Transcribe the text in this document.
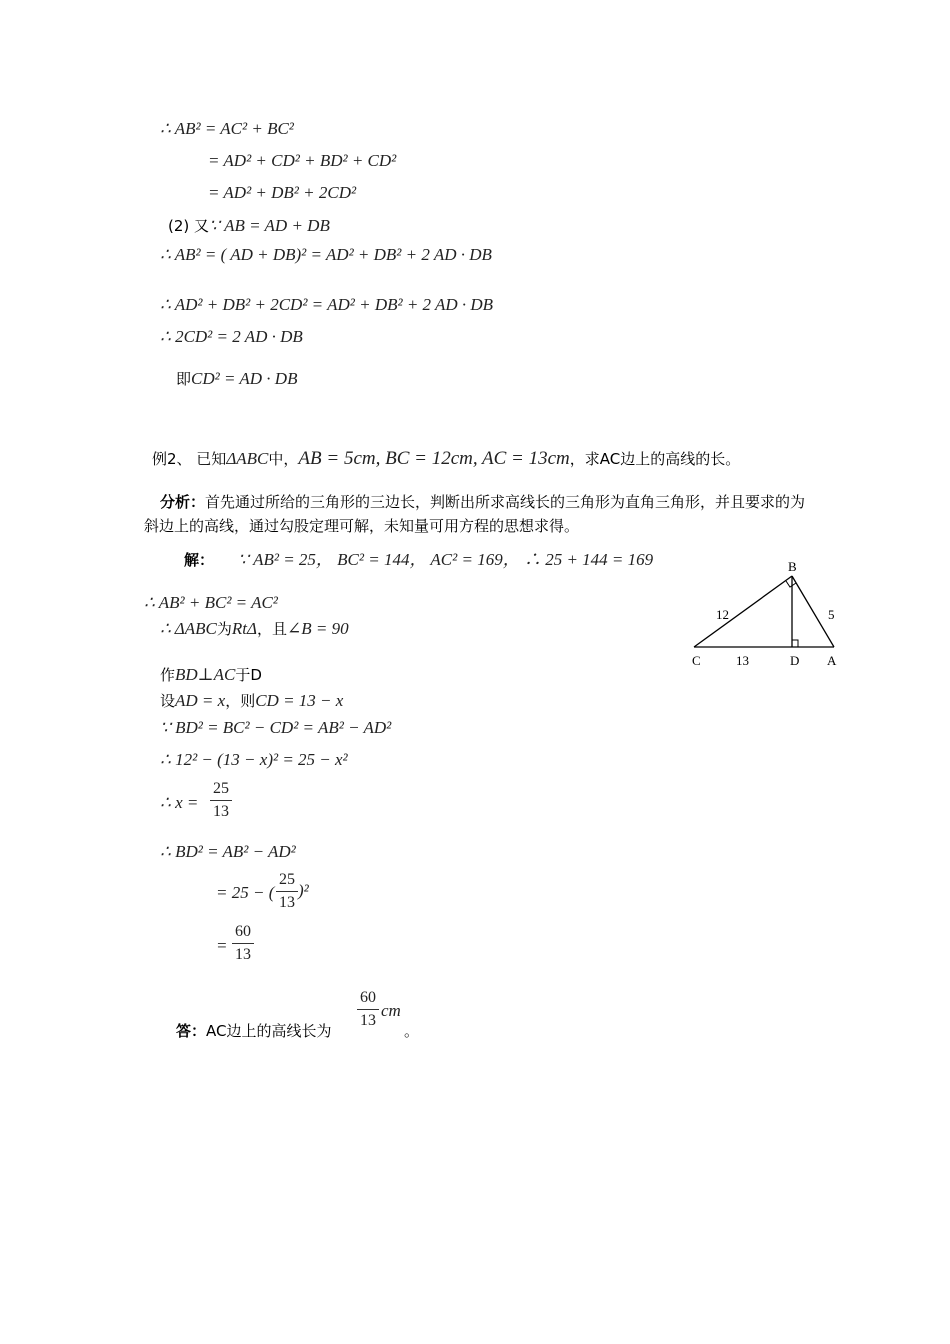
∴ AB² = AC² + BC²
= AD² + CD² + BD² + CD²
= AD² + DB² + 2CD²
(2) 又∵ AB = AD + DB
∴ AB² = ( AD + DB)² = AD² + DB² + 2 AD · DB
∴ AD² + DB² + 2CD² = AD² + DB² + 2 AD · DB
∴ 2CD² = 2 AD · DB
即CD² = AD · DB
例2、 已知ΔABC中，AB = 5cm, BC = 12cm, AC = 13cm，求AC边上的高线的长。
分析：首先通过所给的三角形的三边长，判断出所求高线长的三角形为直角三角形，并且要求的为斜边上的高线，通过勾股定理可解，未知量可用方程的思想求得。
解： ∵ AB² = 25， BC² = 144， AC² = 169， ∴ 25 + 144 = 169
∴ AB² + BC² = AC²
∴ ΔABC为RtΔ，且∠B = 90
作BD⊥AC于D
设AD = x，则CD = 13 − x
∵ BD² = BC² − CD² = AB² − AD²
∴ 12² − (13 − x)² = 25 − x²
∴ x =
25
13
∴ BD² = AB² − AD²
= 25 − (
25
13
)²
=
60
13
答：AC边上的高线长为
60
13
cm
。
B
C	D A
12	5
13
